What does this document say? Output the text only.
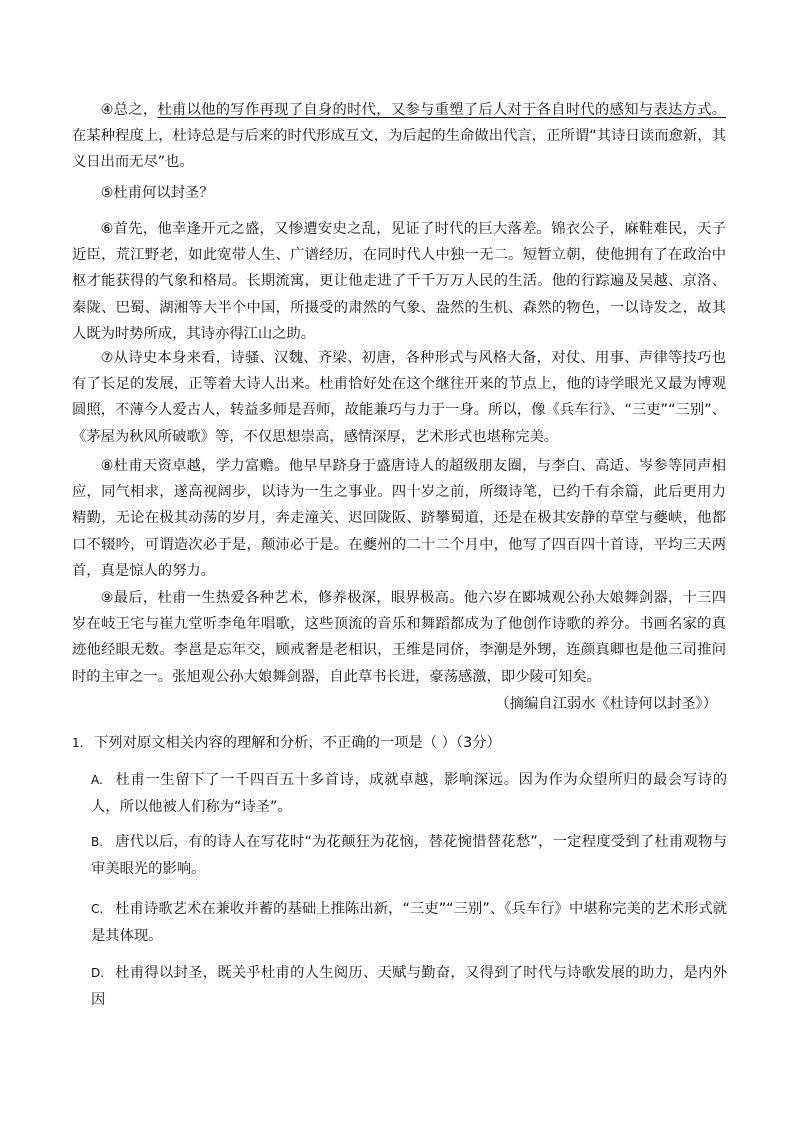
④总之，杜甫以他的写作再现了自身的时代，又参与重塑了后人对于各自时代的感知与表达方式。在某种程度上，杜诗总是与后来的时代形成互文，为后起的生命做出代言，正所谓“其诗日读而愈新，其义日出而无尽”也。

⑤杜甫何以封圣？

⑥首先，他幸逢开元之盛，又惨遭安史之乱，见证了时代的巨大落差。锦衣公子，麻鞋难民，天子近臣，荒江野老，如此宽带人生、广谱经历，在同时代人中独一无二。短暂立朝，使他拥有了在政治中枢才能获得的气象和格局。长期流寓，更让他走进了千千万万人民的生活。他的行踪遍及吴越、京洛、秦陇、巴蜀、湖湘等大半个中国，所摄受的肃然的气象、盎然的生机、森然的物色，一以诗发之，故其人既为时势所成，其诗亦得江山之助。

⑦从诗史本身来看，诗骚、汉魏、齐梁、初唐，各种形式与风格大备，对仗、用事、声律等技巧也有了长足的发展，正等着大诗人出来。杜甫恰好处在这个继往开来的节点上，他的诗学眼光又最为博观圆照，不薄今人爱古人，转益多师是吾师，故能兼巧与力于一身。所以，像《兵车行》、“三吏”“三别”、《茅屋为秋风所破歌》等，不仅思想崇高，感情深厚，艺术形式也堪称完美。

⑧杜甫天资卓越，学力富赡。他早早跻身于盛唐诗人的超级朋友圈，与李白、高适、岑参等同声相应，同气相求，遂高视阔步，以诗为一生之事业。四十岁之前，所缀诗笔，已约千有余篇，此后更用力精勤，无论在极其动荡的岁月，奔走潼关、迟回陇阪、跻攀蜀道，还是在极其安静的草堂与夔峡，他都口不辍吟，可谓造次必于是，颠沛必于是。在夔州的二十二个月中，他写了四百四十首诗，平均三天两首，真是惊人的努力。

⑨最后，杜甫一生热爱各种艺术，修养极深，眼界极高。他六岁在郾城观公孙大娘舞剑器，十三四岁在岐王宅与崔九堂听李龟年唱歌，这些顶流的音乐和舞蹈都成为了他创作诗歌的养分。书画名家的真迹他经眼无数。李邕是忘年交，顾戒奢是老相识，王维是同侪，李潮是外甥，连颜真卿也是他三司推问时的主审之一。张旭观公孙大娘舞剑器，自此草书长进，豪荡感激，即少陵可知矣。

（摘编自江弱水《杜诗何以封圣》）

1. 下列对原文相关内容的理解和分析，不正确的一项是（ ）（3分）

A. 杜甫一生留下了一千四百五十多首诗，成就卓越，影响深远。因为作为众望所归的最会写诗的人，所以他被人们称为“诗圣”。

B. 唐代以后，有的诗人在写花时“为花颠狂为花恼，替花惋惜替花愁”，一定程度受到了杜甫观物与审美眼光的影响。

C. 杜甫诗歌艺术在兼收并蓄的基础上推陈出新，“三吏”“三别”、《兵车行》中堪称完美的艺术形式就是其体现。

D. 杜甫得以封圣，既关乎杜甫的人生阅历、天赋与勤奋，又得到了时代与诗歌发展的助力，是内外因
